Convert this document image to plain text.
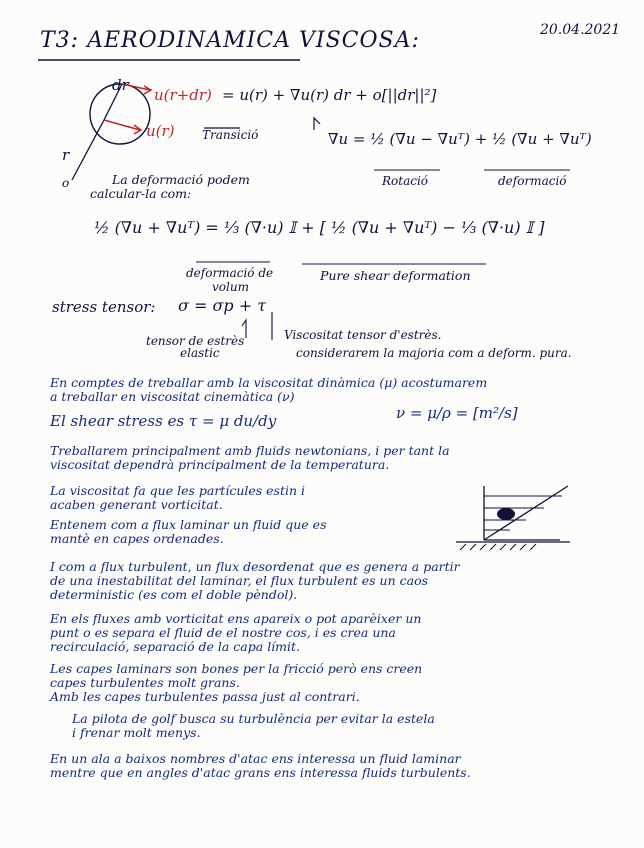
T3: AERODINAMICA VISCOSA:	20.04.2021
dr
r
o
u(r+dr)
u(r) Transició
= u(r) + ∇u(r) dr + o[||dr||²]
∇u = ½ (∇u − ∇uᵀ) + ½ (∇u + ∇uᵀ)
Rotació	deformació
La deformació podem
calcular-la com:
½ (∇u + ∇uᵀ) = ⅓ (∇·u) 𝕀 + [ ½ (∇u + ∇uᵀ) − ⅓ (∇·u) 𝕀 ]
deformació de
volum
Pure shear deformation
stress tensor: σ = σp + τ
tensor de estrès
elastic
Viscositat tensor d'estrès.
considerarem la majoria com a deform. pura.
En comptes de treballar amb la viscositat dinàmica (μ) acostumarem
a treballar en viscositat cinemàtica (ν)
El shear stress es τ = μ du/dy	ν = μ/ρ = [m²/s]
Treballarem principalment amb fluids newtonians, i per tant la
viscositat dependrà principalment de la temperatura.
La viscositat fa que les partícules estin i
acaben generant vorticitat.
Entenem com a flux laminar un fluid que es
mantè en capes ordenades.
I com a flux turbulent, un flux desordenat que es genera a partir
de una inestabilitat del laminar, el flux turbulent es un caos
deterministic (es com el doble pèndol).
En els fluxes amb vorticitat ens apareix o pot aparèixer un
punt o es separa el fluid de el nostre cos, i es crea una
recirculació, separació de la capa límit.
Les capes laminars son bones per la fricció però ens creen
capes turbulentes molt grans.
Amb les capes turbulentes passa just al contrari.
La pilota de golf busca su turbulència per evitar la estela
i frenar molt menys.
En un ala a baixos nombres d'atac ens interessa un fluid laminar
mentre que en angles d'atac grans ens interessa fluids turbulents.
